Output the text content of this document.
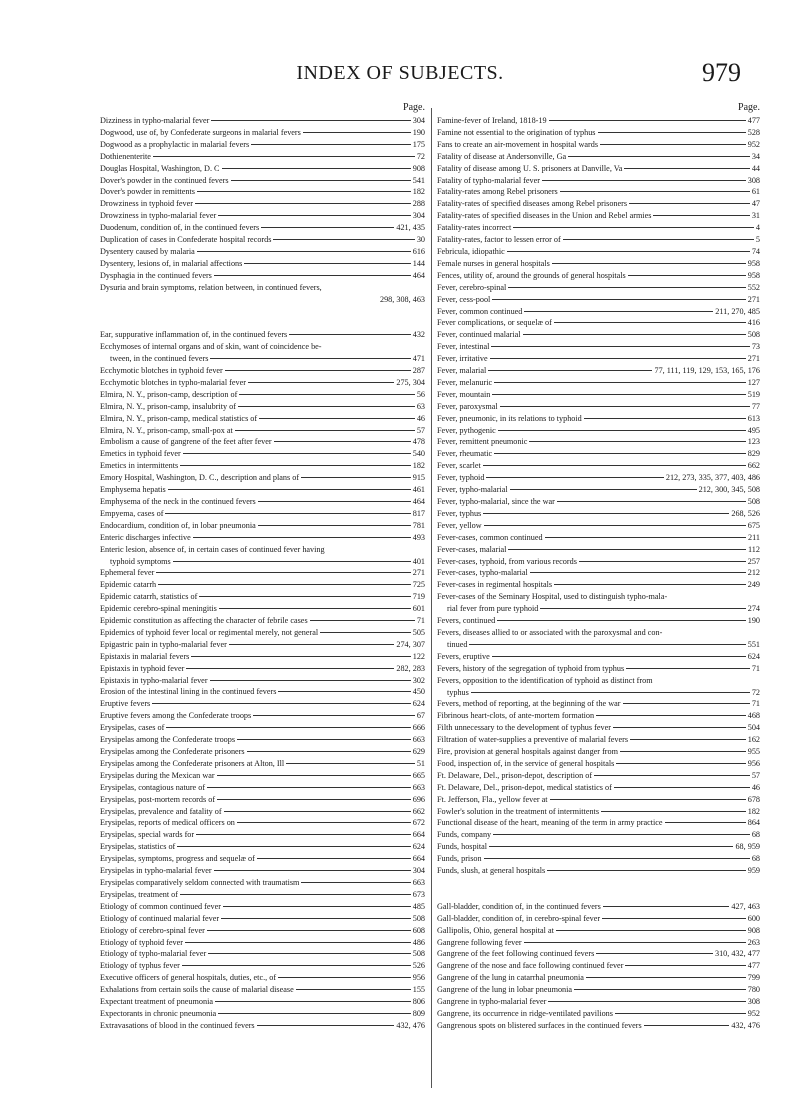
INDEX OF SUBJECTS.	979
Page.
Dizziness in typho-malarial fever	304
Dogwood, use of, by Confederate surgeons in malarial fevers	190
Dogwood as a prophylactic in malarial fevers	175
Dothienenterite	72
Douglas Hospital, Washington, D. C	908
Dover's powder in the continued fevers	541
Dover's powder in remittents	182
Drowziness in typhoid fever	288
Drowziness in typho-malarial fever	304
Duodenum, condition of, in the continued fevers	421, 435
Duplication of cases in Confederate hospital records	30
Dysentery caused by malaria	616
Dysentery, lesions of, in malarial affections	144
Dysphagia in the continued fevers	464
Dysuria and brain symptoms, relation between, in continued fevers,
298, 308, 463
Ear, suppurative inflammation of, in the continued fevers	432
Ecchymoses of internal organs and of skin, want of coincidence be-
tween, in the continued fevers	471
Ecchymotic blotches in typhoid fever	287
Ecchymotic blotches in typho-malarial fever	275, 304
Elmira, N. Y., prison-camp, description of	56
Elmira, N. Y., prison-camp, insalubrity of	63
Elmira, N. Y., prison-camp, medical statistics of	46
Elmira, N. Y., prison-camp, small-pox at	57
Embolism a cause of gangrene of the feet after fever	478
Emetics in typhoid fever	540
Emetics in intermittents	182
Emory Hospital, Washington, D. C., description and plans of	915
Emphysema hepatis	461
Emphysema of the neck in the continued fevers	464
Empyema, cases of	817
Endocardium, condition of, in lobar pneumonia	781
Enteric discharges infective	493
Enteric lesion, absence of, in certain cases of continued fever having
typhoid symptoms	401
Ephemeral fever	271
Epidemic catarrh	725
Epidemic catarrh, statistics of	719
Epidemic cerebro-spinal meningitis	601
Epidemic constitution as affecting the character of febrile cases	71
Epidemics of typhoid fever local or regimental merely, not general	505
Epigastric pain in typho-malarial fever	274, 307
Epistaxis in malarial fevers	122
Epistaxis in typhoid fever	282, 283
Epistaxis in typho-malarial fever	302
Erosion of the intestinal lining in the continued fevers	450
Eruptive fevers	624
Eruptive fevers among the Confederate troops	67
Erysipelas, cases of	666
Erysipelas among the Confederate troops	663
Erysipelas among the Confederate prisoners	629
Erysipelas among the Confederate prisoners at Alton, Ill	51
Erysipelas during the Mexican war	665
Erysipelas, contagious nature of	663
Erysipelas, post-mortem records of	696
Erysipelas, prevalence and fatality of	662
Erysipelas, reports of medical officers on	672
Erysipelas, special wards for	664
Erysipelas, statistics of	624
Erysipelas, symptoms, progress and sequelæ of	664
Erysipelas in typho-malarial fever	304
Erysipelas comparatively seldom connected with traumatism	663
Erysipelas, treatment of	673
Etiology of common continued fever	485
Etiology of continued malarial fever	508
Etiology of cerebro-spinal fever	608
Etiology of typhoid fever	486
Etiology of typho-malarial fever	508
Etiology of typhus fever	526
Executive officers of general hospitals, duties, etc., of	956
Exhalations from certain soils the cause of malarial disease	155
Expectant treatment of pneumonia	806
Expectorants in chronic pneumonia	809
Extravasations of blood in the continued fevers	432, 476
Page.
Famine-fever of Ireland, 1818-19	477
Famine not essential to the origination of typhus	528
Fans to create an air-movement in hospital wards	952
Fatality of disease at Andersonville, Ga	34
Fatality of disease among U. S. prisoners at Danville, Va	44
Fatality of typho-malarial fever	308
Fatality-rates among Rebel prisoners	61
Fatality-rates of specified diseases among Rebel prisoners	47
Fatality-rates of specified diseases in the Union and Rebel armies	31
Fatality-rates incorrect	4
Fatality-rates, factor to lessen error of	5
Febricula, idiopathic	74
Female nurses in general hospitals	958
Fences, utility of, around the grounds of general hospitals	958
Fever, cerebro-spinal	552
Fever, cess-pool	271
Fever, common continued	211, 270, 485
Fever complications, or sequelæ of	416
Fever, continued malarial	508
Fever, intestinal	73
Fever, irritative	271
Fever, malarial	77, 111, 119, 129, 153, 165, 176
Fever, melanuric	127
Fever, mountain	519
Fever, paroxysmal	77
Fever, pneumonic, in its relations to typhoid	613
Fever, pythogenic	495
Fever, remittent pneumonic	123
Fever, rheumatic	829
Fever, scarlet	662
Fever, typhoid	212, 273, 335, 377, 403, 486
Fever, typho-malarial	212, 300, 345, 508
Fever, typho-malarial, since the war	508
Fever, typhus	268, 526
Fever, yellow	675
Fever-cases, common continued	211
Fever-cases, malarial	112
Fever-cases, typhoid, from various records	257
Fever-cases, typho-malarial	212
Fever-cases in regimental hospitals	249
Fever-cases of the Seminary Hospital, used to distinguish typho-mala-
rial fever from pure typhoid	274
Fevers, continued	190
Fevers, diseases allied to or associated with the paroxysmal and con-
tinued	551
Fevers, eruptive	624
Fevers, history of the segregation of typhoid from typhus	71
Fevers, opposition to the identification of typhoid as distinct from
typhus	72
Fevers, method of reporting, at the beginning of the war	71
Fibrinous heart-clots, of ante-mortem formation	468
Filth unnecessary to the development of typhus fever	504
Filtration of water-supplies a preventive of malarial fevers	162
Fire, provision at general hospitals against danger from	955
Food, inspection of, in the service of general hospitals	956
Ft. Delaware, Del., prison-depot, description of	57
Ft. Delaware, Del., prison-depot, medical statistics of	46
Ft. Jefferson, Fla., yellow fever at	678
Fowler's solution in the treatment of intermittents	182
Functional disease of the heart, meaning of the term in army practice	864
Funds, company	68
Funds, hospital	68, 959
Funds, prison	68
Funds, slush, at general hospitals	959
Gall-bladder, condition of, in the continued fevers	427, 463
Gall-bladder, condition of, in cerebro-spinal fever	600
Gallipolis, Ohio, general hospital at	908
Gangrene following fever	263
Gangrene of the feet following continued fevers	310, 432, 477
Gangrene of the nose and face following continued fever	477
Gangrene of the lung in catarrhal pneumonia	799
Gangrene of the lung in lobar pneumonia	780
Gangrene in typho-malarial fever	308
Gangrene, its occurrence in ridge-ventilated pavilions	952
Gangrenous spots on blistered surfaces in the continued fevers	432, 476
